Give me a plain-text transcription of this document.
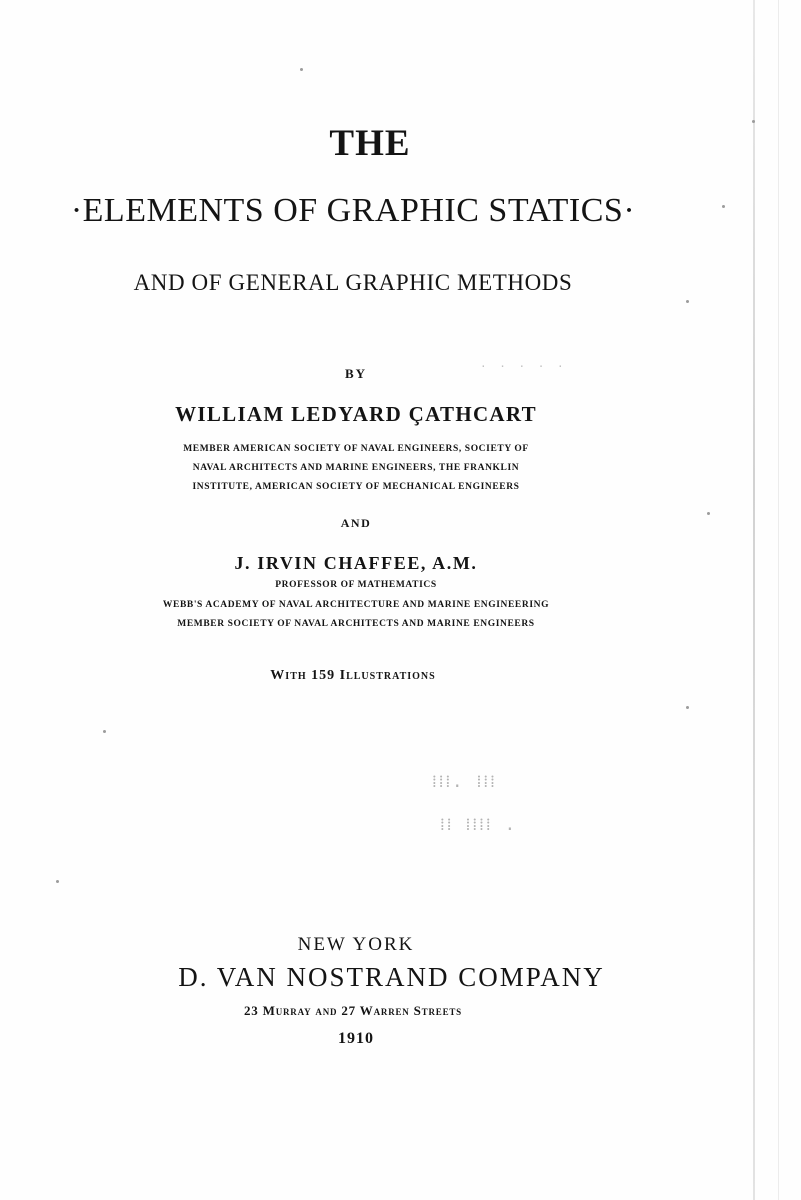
THE

·ELEMENTS OF GRAPHIC STATICS·

AND OF GENERAL GRAPHIC METHODS

BY

WILLIAM LEDYARD ÇATHCART

MEMBER AMERICAN SOCIETY OF NAVAL ENGINEERS, SOCIETY OF

NAVAL ARCHITECTS AND MARINE ENGINEERS, THE FRANKLIN

INSTITUTE, AMERICAN SOCIETY OF MECHANICAL ENGINEERS

AND

J. IRVIN CHAFFEE, A.M.

PROFESSOR OF MATHEMATICS

WEBB'S ACADEMY OF NAVAL ARCHITECTURE AND MARINE ENGINEERING

MEMBER SOCIETY OF NAVAL ARCHITECTS AND MARINE ENGINEERS

With 159 Illustrations

· · · · ·
⁞⁞⁞. ⁞⁞⁞
⁞⁞ ⁞⁞⁞⁞ .

NEW YORK

D. VAN NOSTRAND COMPANY

23 Murray and 27 Warren Streets

1910
